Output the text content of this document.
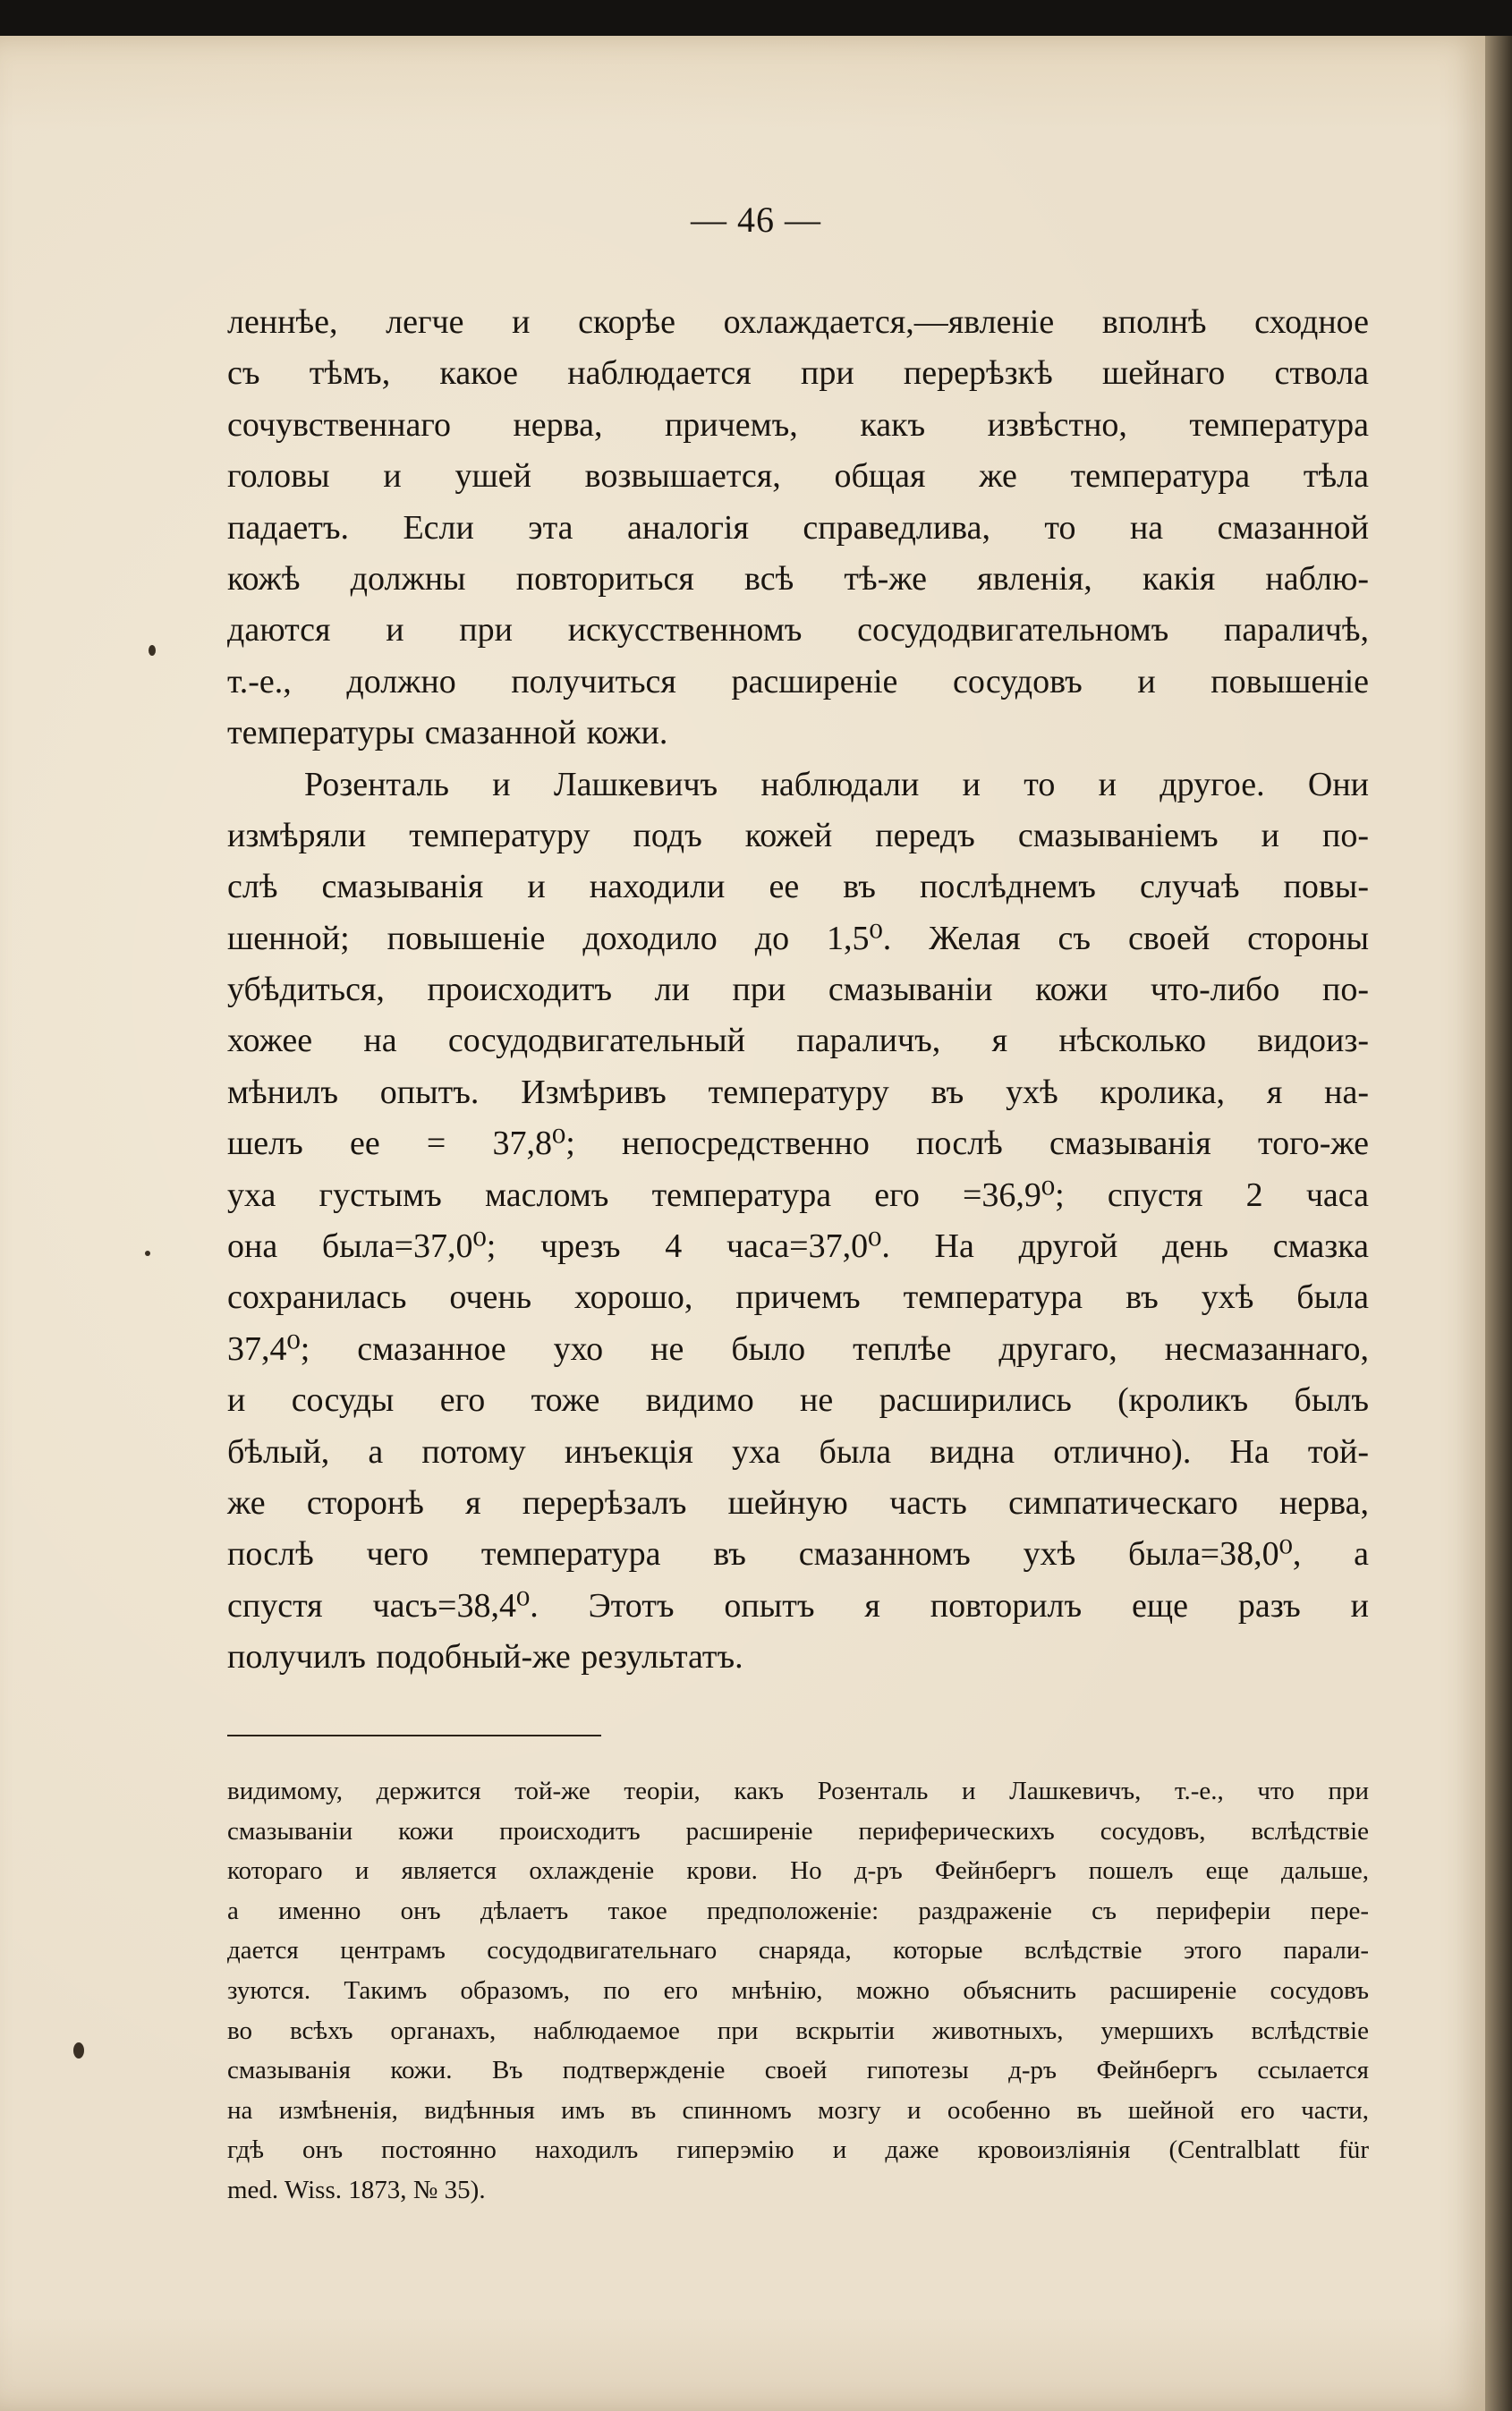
— 46 —
леннѣе, легче и скорѣе охлаждается,—явленіе вполнѣ сходное
съ тѣмъ, какое наблюдается при перерѣзкѣ шейнаго ствола
сочувственнаго нерва, причемъ, какъ извѣстно, температура
головы и ушей возвышается, общая же температура тѣла
падаетъ. Если эта аналогія справедлива, то на смазанной
кожѣ должны повториться всѣ тѣ-же явленія, какія наблю-
даются и при искусственномъ сосудодвигательномъ параличѣ,
т.-е., должно получиться расширеніе сосудовъ и повышеніе
температуры смазанной кожи.
Розенталь и Лашкевичъ наблюдали и то и другое. Они
измѣряли температуру подъ кожей передъ смазываніемъ и по-
слѣ смазыванія и находили ее въ послѣднемъ случаѣ повы-
шенной; повышеніе доходило до 1,5⁰. Желая съ своей стороны
убѣдиться, происходитъ ли при смазываніи кожи что-либо по-
хожее на сосудодвигательный параличъ, я нѣсколько видоиз-
мѣнилъ опытъ. Измѣривъ температуру въ ухѣ кролика, я на-
шелъ ее = 37,8⁰; непосредственно послѣ смазыванія того-же
уха густымъ масломъ температура его =36,9⁰; спустя 2 часа
она была=37,0⁰; чрезъ 4 часа=37,0⁰. На другой день смазка
сохранилась очень хорошо, причемъ температура въ ухѣ была
37,4⁰; смазанное ухо не было теплѣе другаго, несмазаннаго,
и сосуды его тоже видимо не расширились (кроликъ былъ
бѣлый, а потому инъекція уха была видна отлично). На той-
же сторонѣ я перерѣзалъ шейную часть симпатическаго нерва,
послѣ чего температура въ смазанномъ ухѣ была=38,0⁰, а
спустя часъ=38,4⁰. Этотъ опытъ я повторилъ еще разъ и
получилъ подобный-же результатъ.
видимому, держится той-же теоріи, какъ Розенталь и Лашкевичъ, т.-е., что при
смазываніи кожи происходитъ расширеніе периферическихъ сосудовъ, вслѣдствіе
котораго и является охлажденіе крови. Но д-ръ Фейнбергъ пошелъ еще дальше,
а именно онъ дѣлаетъ такое предположеніе: раздраженіе съ периферіи пере-
дается центрамъ сосудодвигательнаго снаряда, которые вслѣдствіе этого парали-
зуются. Такимъ образомъ, по его мнѣнію, можно объяснить расширеніе сосудовъ
во всѣхъ органахъ, наблюдаемое при вскрытіи животныхъ, умершихъ вслѣдствіе
смазыванія кожи. Въ подтвержденіе своей гипотезы д-ръ Фейнбергъ ссылается
на измѣненія, видѣнныя имъ въ спинномъ мозгу и особенно въ шейной его части,
гдѣ онъ постоянно находилъ гиперэмію и даже кровоизліянія (Centralblatt für
med. Wiss. 1873, № 35).
